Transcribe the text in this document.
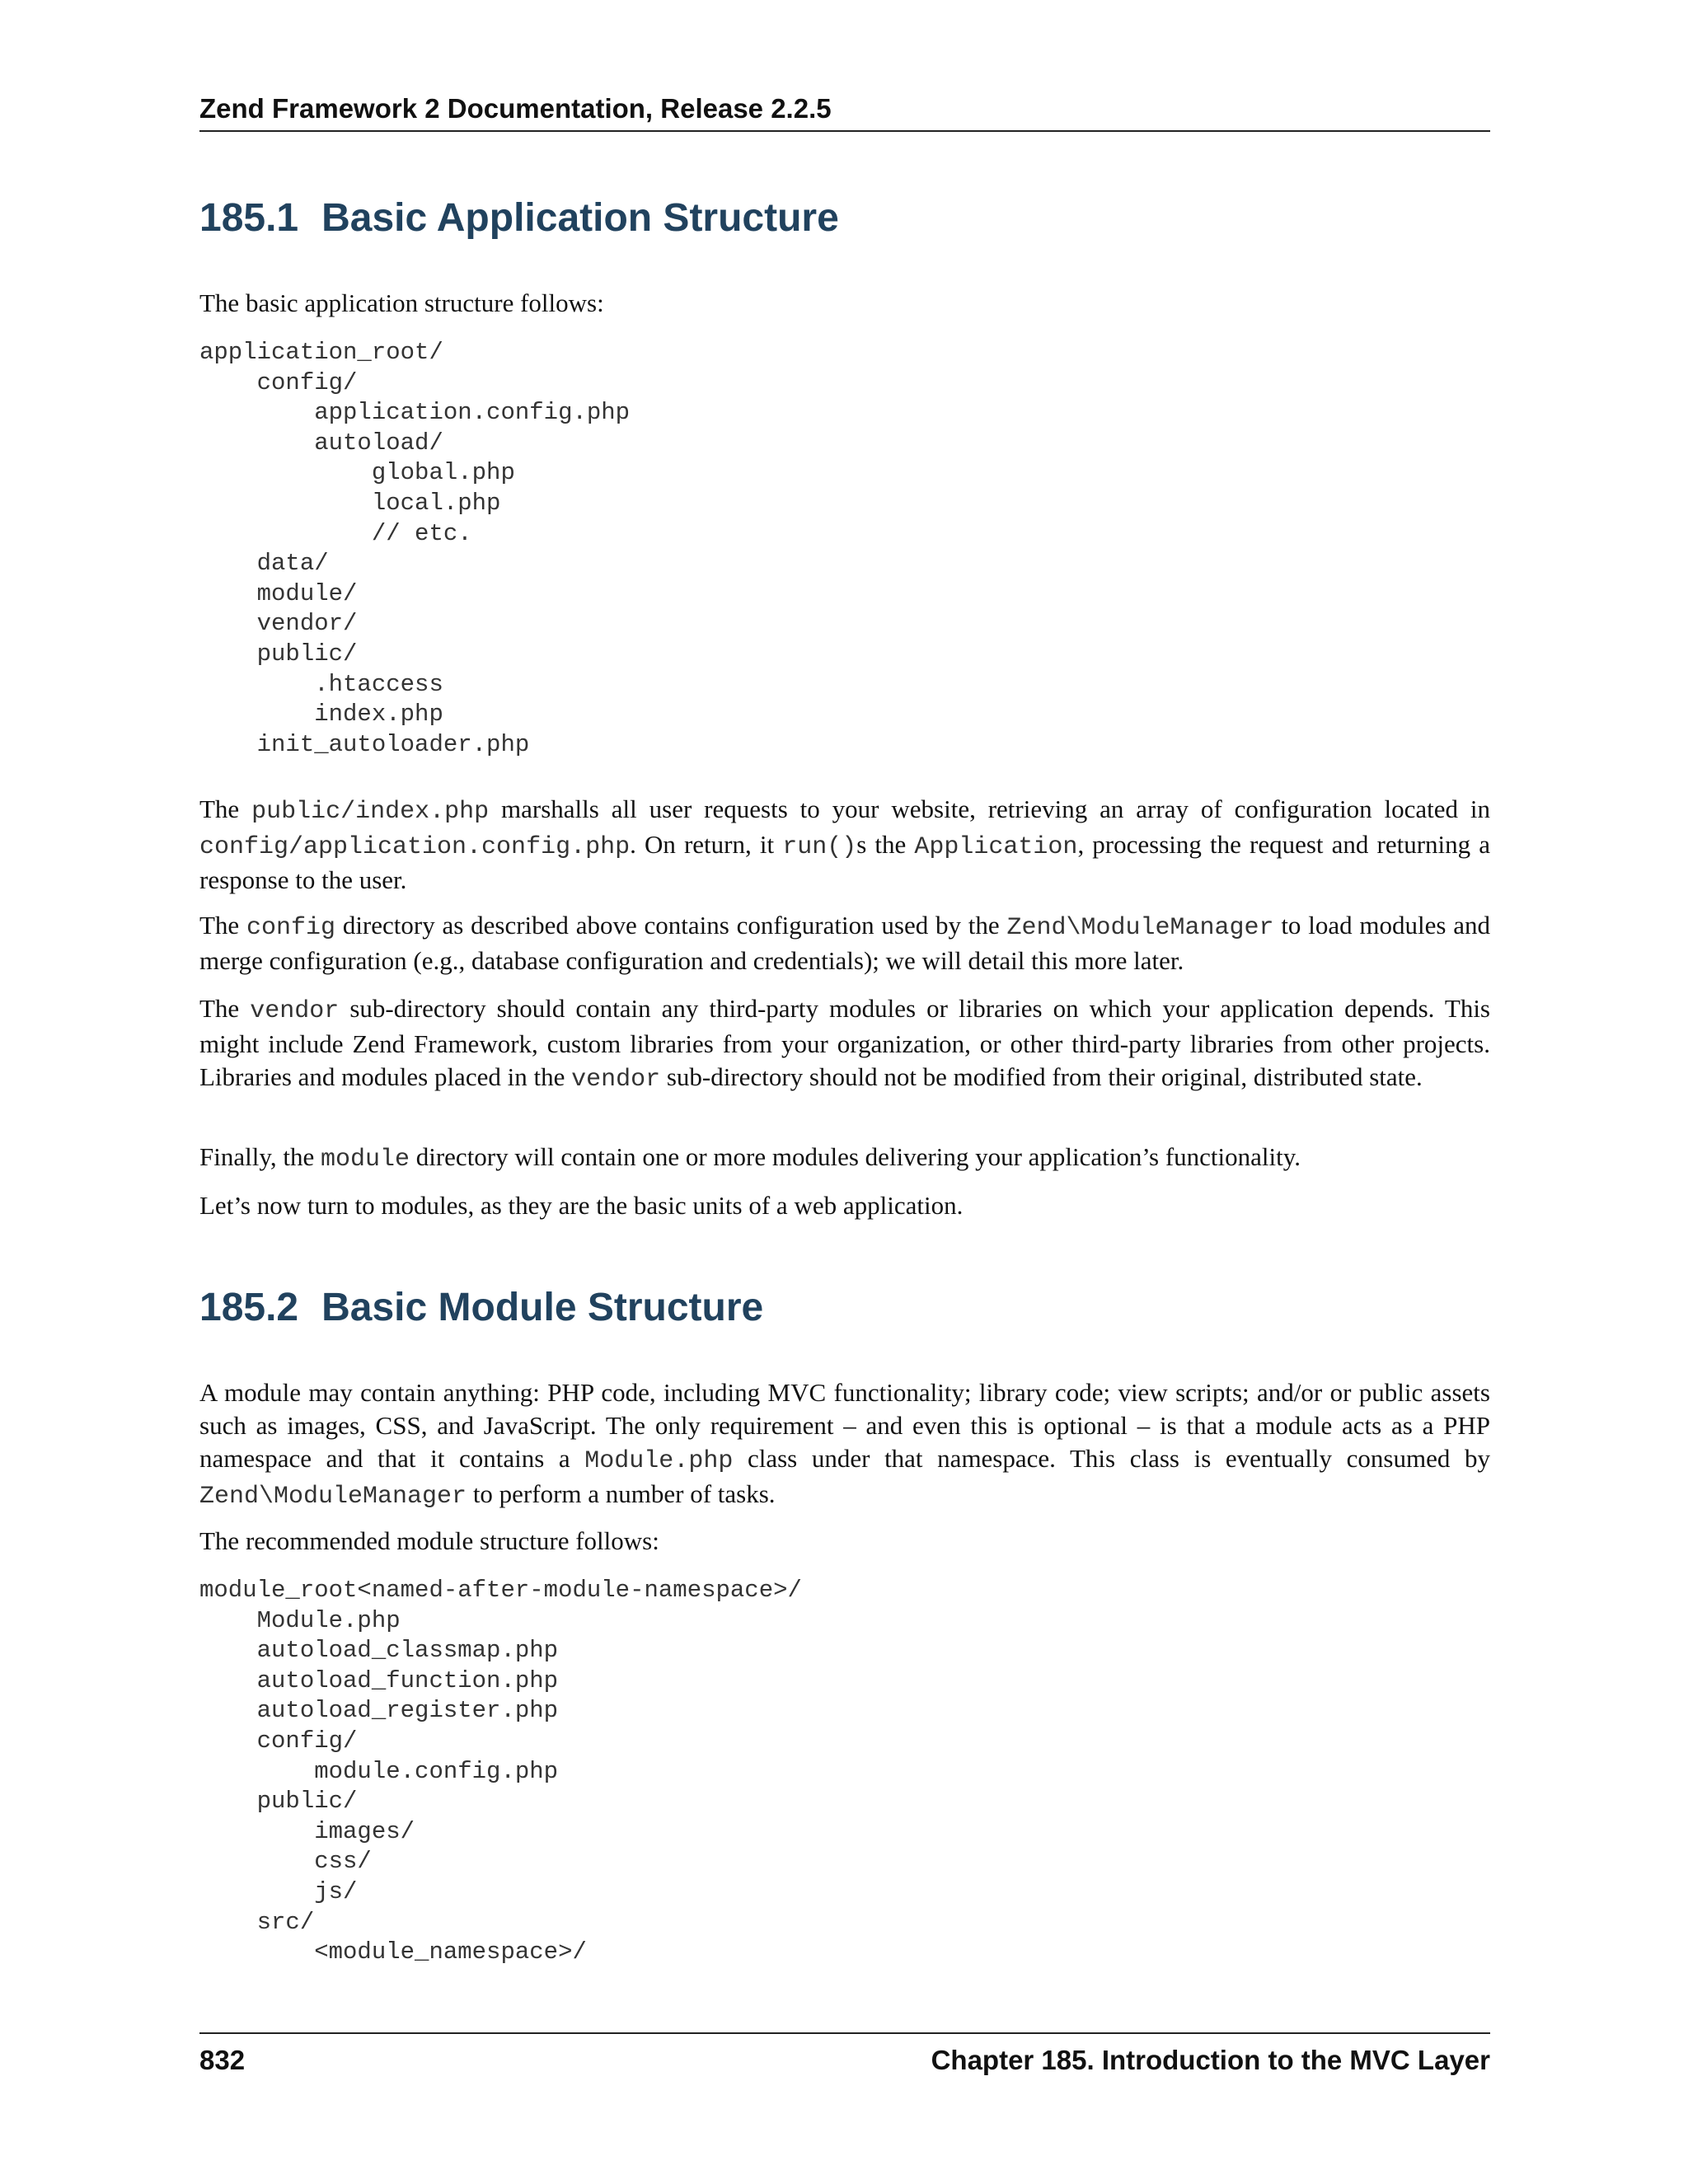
Zend Framework 2 Documentation, Release 2.2.5
185.1 Basic Application Structure

The basic application structure follows:

application_root/
config/
application.config.php
autoload/
global.php
local.php
// etc.
data/
module/
vendor/
public/
.htaccess
index.php
init_autoloader.php

The public/index.php marshalls all user requests to your website, retrieving an array of configuration located in config/application.config.php. On return, it run()s the Application, processing the request and returning a response to the user.

The config directory as described above contains configuration used by the Zend\ModuleManager to load modules and merge configuration (e.g., database configuration and credentials); we will detail this more later.

The vendor sub-directory should contain any third-party modules or libraries on which your application depends. This might include Zend Framework, custom libraries from your organization, or other third-party libraries from other projects. Libraries and modules placed in the vendor sub-directory should not be modified from their original, distributed state.

Finally, the module directory will contain one or more modules delivering your application’s functionality.

Let’s now turn to modules, as they are the basic units of a web application.

185.2 Basic Module Structure

A module may contain anything: PHP code, including MVC functionality; library code; view scripts; and/or or public assets such as images, CSS, and JavaScript. The only requirement – and even this is optional – is that a module acts as a PHP namespace and that it contains a Module.php class under that namespace. This class is eventually consumed by Zend\ModuleManager to perform a number of tasks.

The recommended module structure follows:

module_root<named-after-module-namespace>/
Module.php
autoload_classmap.php
autoload_function.php
autoload_register.php
config/
module.config.php
public/
images/
css/
js/
src/
<module_namespace>/
832	Chapter 185. Introduction to the MVC Layer
